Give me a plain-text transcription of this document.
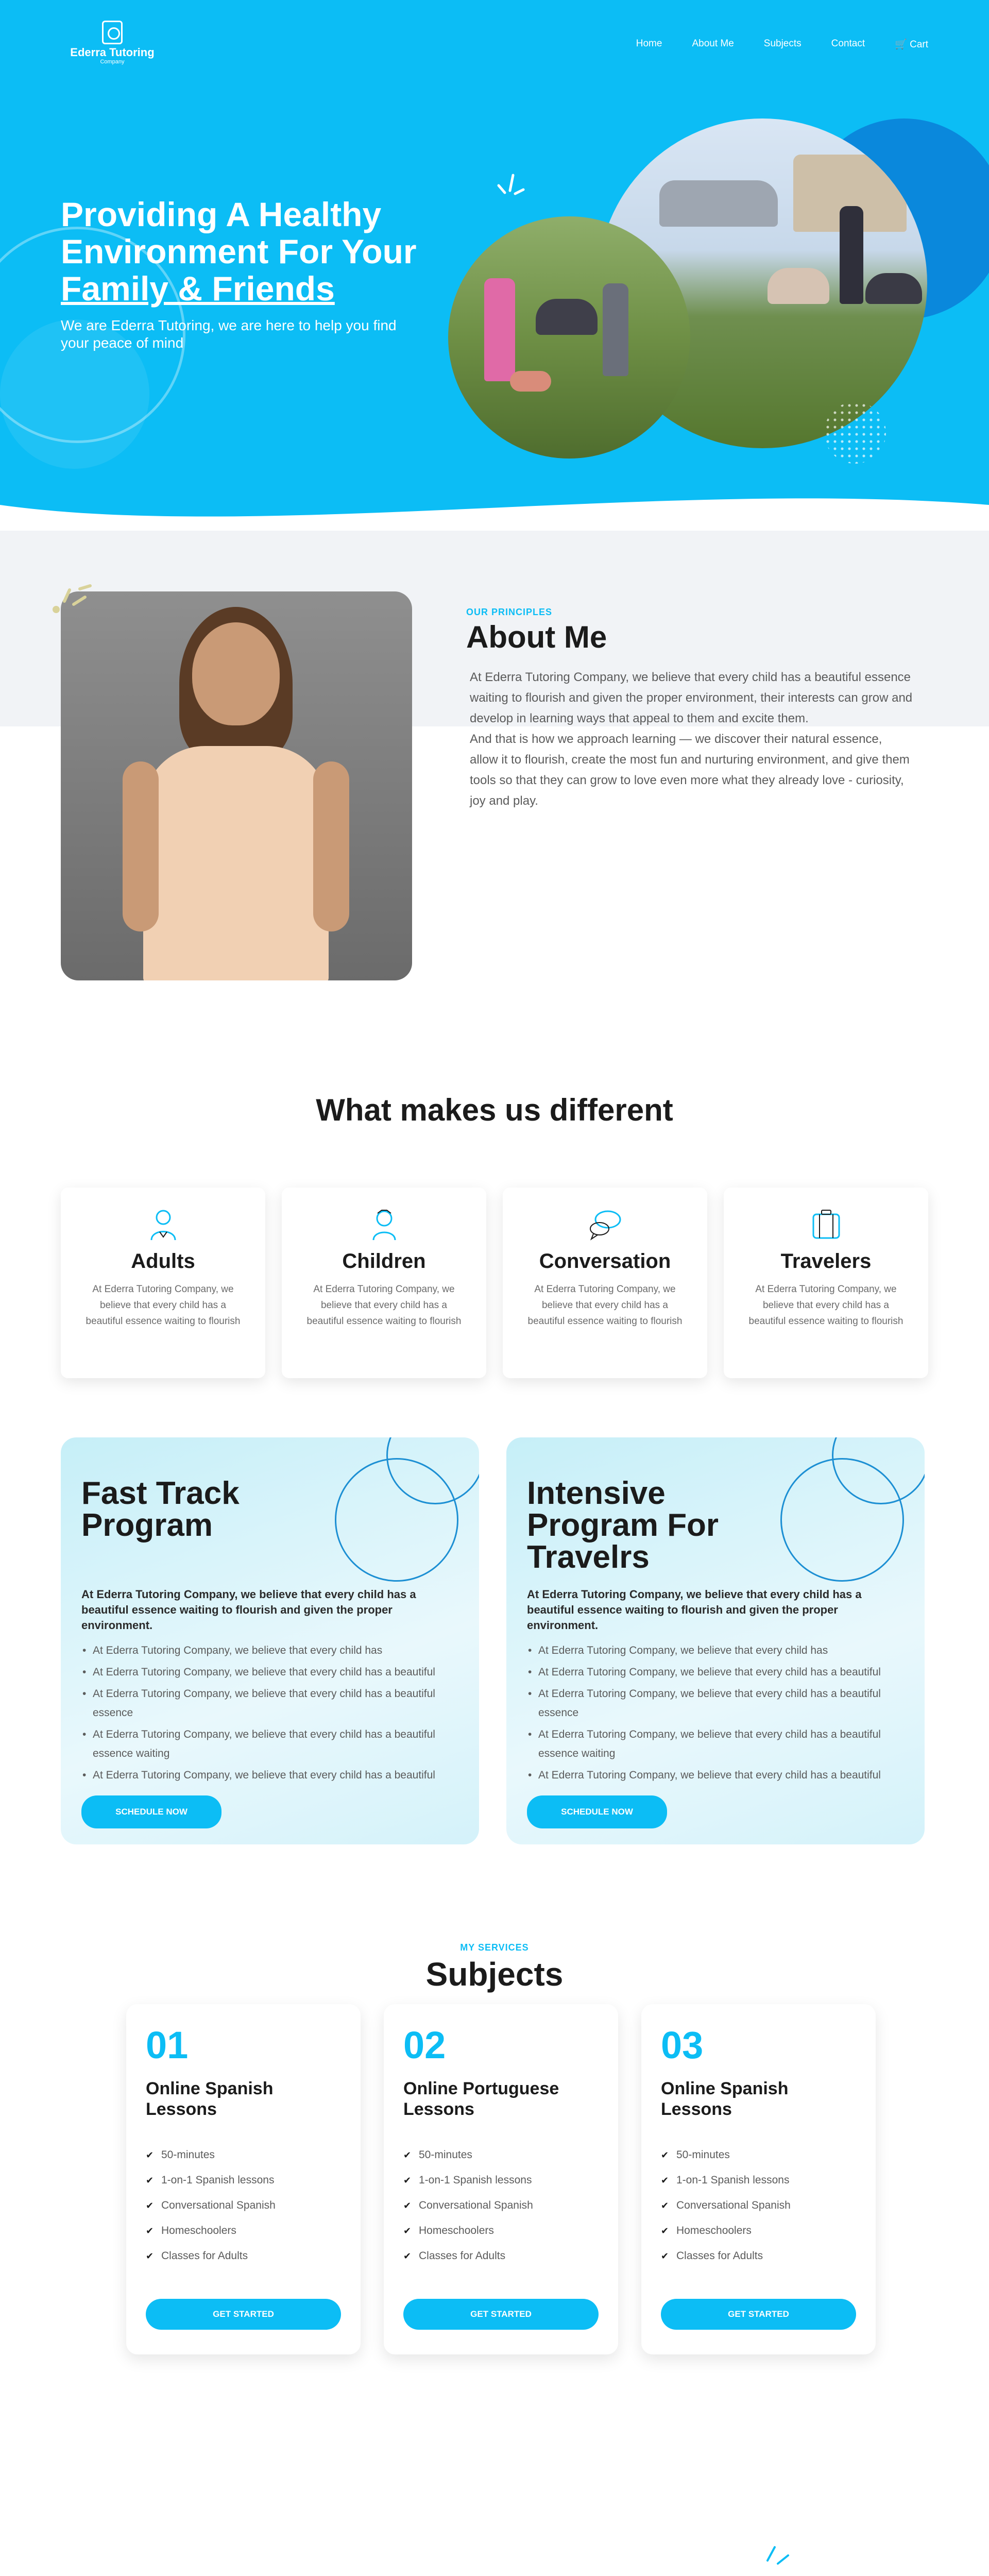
Ederra Tutoring
Company
Home	About Me	Subjects	Contact	🛒 Cart
Providing A Healthy
Environment For Your
Family & Friends

We are Ederra Tutoring, we are here to help you find your peace of mind

OUR PRINCIPLES
About Me

At Ederra Tutoring Company, we believe that every child has a beautiful essence waiting to flourish and given the proper environment, their interests can grow and develop in learning ways that appeal to them and excite them.

And that is how we approach learning — we discover their natural essence, allow it to flourish, create the most fun and nurturing environment, and give them tools so that they can grow to love even more what they already love - curiosity, joy and play.

What makes us different
Adults

At Ederra Tutoring Company, we believe that every child has a beautiful essence waiting to flourish

Children

At Ederra Tutoring Company, we believe that every child has a beautiful essence waiting to flourish

Conversation

At Ederra Tutoring Company, we believe that every child has a beautiful essence waiting to flourish

Travelers

At Ederra Tutoring Company, we believe that every child has a beautiful essence waiting to flourish

Fast Track
Program

At Ederra Tutoring Company, we believe that every child has a beautiful essence waiting to flourish and given the proper environment.

• At Ederra Tutoring Company, we believe that every child has
• At Ederra Tutoring Company, we believe that every child has a beautiful
• At Ederra Tutoring Company, we believe that every child has a beautiful essence
• At Ederra Tutoring Company, we believe that every child has a beautiful essence waiting
• At Ederra Tutoring Company, we believe that every child has a beautiful
SCHEDULE NOW
Intensive
Program For
Travelrs

At Ederra Tutoring Company, we believe that every child has a beautiful essence waiting to flourish and given the proper environment.

• At Ederra Tutoring Company, we believe that every child has
• At Ederra Tutoring Company, we believe that every child has a beautiful
• At Ederra Tutoring Company, we believe that every child has a beautiful essence
• At Ederra Tutoring Company, we believe that every child has a beautiful essence waiting
• At Ederra Tutoring Company, we believe that every child has a beautiful
SCHEDULE NOW
MY SERVICES
Subjects
01
Online Spanish
Lessons
✔ 50-minutes
✔ 1-on-1 Spanish lessons
✔ Conversational Spanish
✔ Homeschoolers
✔ Classes for Adults
GET STARTED
02
Online Portuguese
Lessons
✔ 50-minutes
✔ 1-on-1 Spanish lessons
✔ Conversational Spanish
✔ Homeschoolers
✔ Classes for Adults
GET STARTED
03
Online Spanish
Lessons
✔ 50-minutes
✔ 1-on-1 Spanish lessons
✔ Conversational Spanish
✔ Homeschoolers
✔ Classes for Adults
GET STARTED
